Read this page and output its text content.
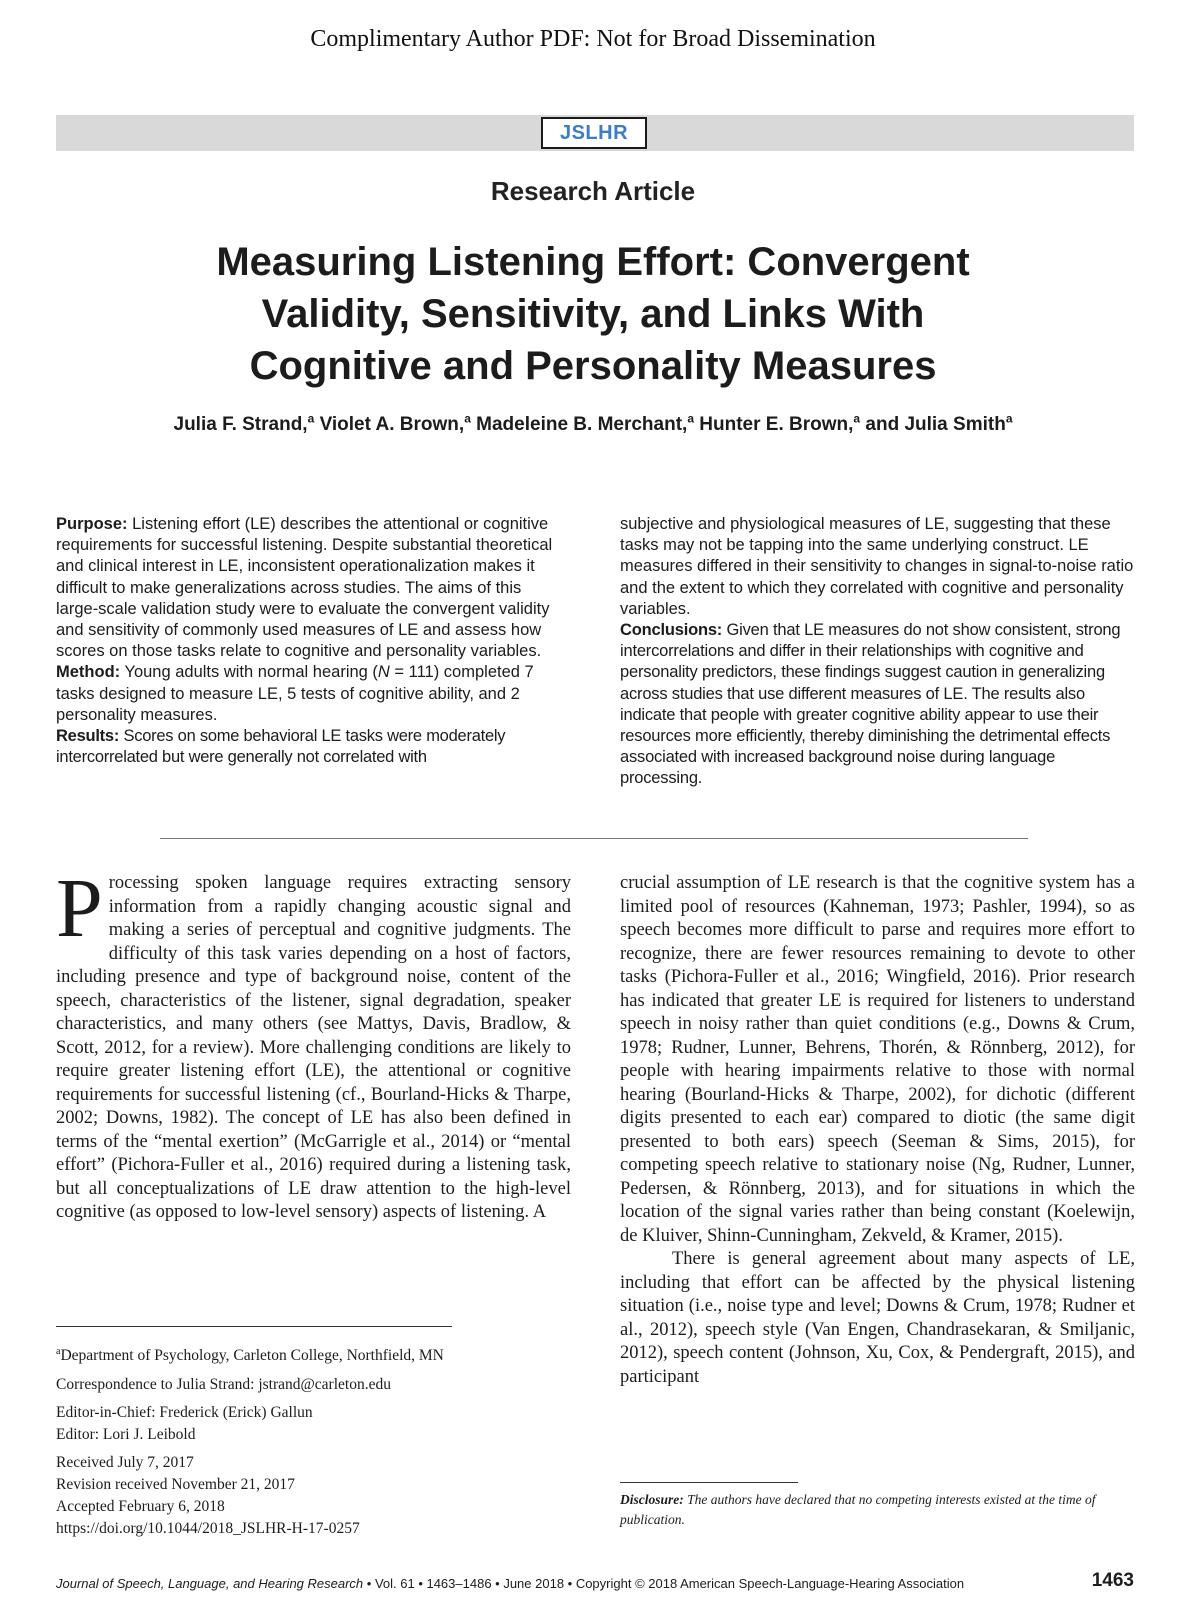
Complimentary Author PDF: Not for Broad Dissemination
JSLHR
Research Article
Measuring Listening Effort: Convergent
Validity, Sensitivity, and Links With
Cognitive and Personality Measures
Julia F. Strand,$^a$ Violet A. Brown,$^a$ Madeleine B. Merchant,$^a$ Hunter E. Brown,$^a$ and Julia Smith$^a$

Purpose: Listening effort (LE) describes the attentional or cognitive requirements for successful listening. Despite substantial theoretical and clinical interest in LE, inconsistent operationalization makes it difficult to make generalizations across studies. The aims of this large-scale validation study were to evaluate the convergent validity and sensitivity of commonly used measures of LE and assess how scores on those tasks relate to cognitive and personality variables.

Method: Young adults with normal hearing (N = 111) completed 7 tasks designed to measure LE, 5 tests of cognitive ability, and 2 personality measures.

Results: Scores on some behavioral LE tasks were moderately intercorrelated but were generally not correlated with

subjective and physiological measures of LE, suggesting that these tasks may not be tapping into the same underlying construct. LE measures differed in their sensitivity to changes in signal-to-noise ratio and the extent to which they correlated with cognitive and personality variables.

Conclusions: Given that LE measures do not show consistent, strong intercorrelations and differ in their relationships with cognitive and personality predictors, these findings suggest caution in generalizing across studies that use different measures of LE. The results also indicate that people with greater cognitive ability appear to use their resources more efficiently, thereby diminishing the detrimental effects associated with increased background noise during language processing.

Processing spoken language requires extracting sensory information from a rapidly changing acoustic signal and making a series of perceptual and cognitive judgments. The difficulty of this task varies depending on a host of factors, including presence and type of background noise, content of the speech, characteristics of the listener, signal degradation, speaker characteristics, and many others (see Mattys, Davis, Bradlow, & Scott, 2012, for a review). More challenging conditions are likely to require greater listening effort (LE), the attentional or cognitive requirements for successful listening (cf., Bourland-Hicks & Tharpe, 2002; Downs, 1982). The concept of LE has also been defined in terms of the “mental exertion” (McGarrigle et al., 2014) or “mental effort” (Pichora-Fuller et al., 2016) required during a listening task, but all conceptualizations of LE draw attention to the high-level cognitive (as opposed to low-level sensory) aspects of listening. A

crucial assumption of LE research is that the cognitive system has a limited pool of resources (Kahneman, 1973; Pashler, 1994), so as speech becomes more difficult to parse and requires more effort to recognize, there are fewer resources remaining to devote to other tasks (Pichora-Fuller et al., 2016; Wingfield, 2016). Prior research has indicated that greater LE is required for listeners to understand speech in noisy rather than quiet conditions (e.g., Downs & Crum, 1978; Rudner, Lunner, Behrens, Thorén, & Rönnberg, 2012), for people with hearing impairments relative to those with normal hearing (Bourland-Hicks & Tharpe, 2002), for dichotic (different digits presented to each ear) compared to diotic (the same digit presented to both ears) speech (Seeman & Sims, 2015), for competing speech relative to stationary noise (Ng, Rudner, Lunner, Pedersen, & Rönnberg, 2013), and for situations in which the location of the signal varies rather than being constant (Koelewijn, de Kluiver, Shinn-Cunningham, Zekveld, & Kramer, 2015).

There is general agreement about many aspects of LE, including that effort can be affected by the physical listening situation (i.e., noise type and level; Downs & Crum, 1978; Rudner et al., 2012), speech style (Van Engen, Chandrasekaran, & Smiljanic, 2012), speech content (Johnson, Xu, Cox, & Pendergraft, 2015), and participant

$^a$Department of Psychology, Carleton College, Northfield, MN
Correspondence to Julia Strand: jstrand@carleton.edu
Editor-in-Chief: Frederick (Erick) Gallun
Editor: Lori J. Leibold
Received July 7, 2017
Revision received November 21, 2017
Accepted February 6, 2018
https://doi.org/10.1044/2018_JSLHR-H-17-0257
Disclosure: The authors have declared that no competing interests existed at the time of publication.
Journal of Speech, Language, and Hearing Research • Vol. 61 • 1463–1486 • June 2018 • Copyright © 2018 American Speech-Language-Hearing Association	1463
